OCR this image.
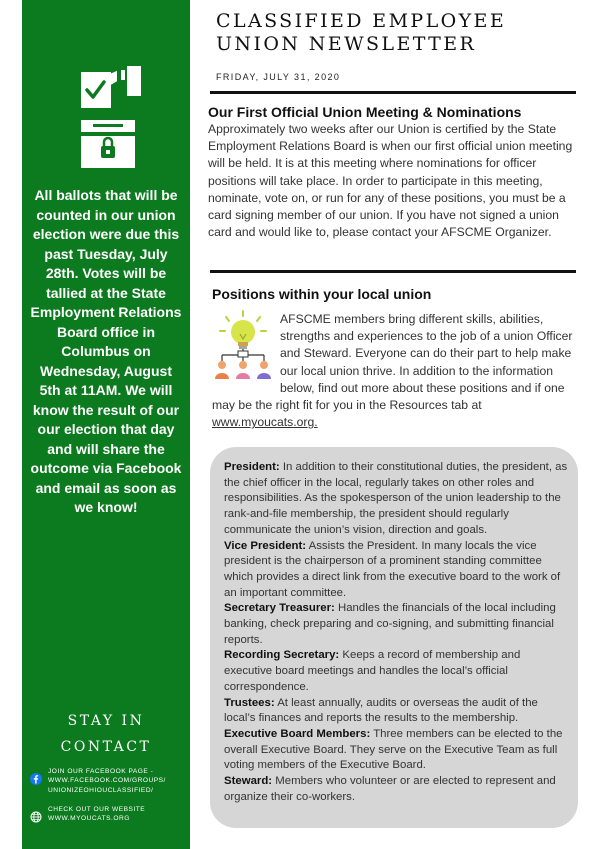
All ballots that will be counted in our union election were due this past Tuesday, July 28th. Votes will be tallied at the State Employment Relations Board office in Columbus on Wednesday, August 5th at 11AM. We will know the result of our our election that day and will share the outcome via Facebook and email as soon as we know!

STAY IN
CONTACT
JOIN OUR FACEBOOK PAGE - WWW.FACEBOOK.COM/GROUPS/ UNIONIZEOHIOUCLASSIFIED/
CHECK OUT OUR WEBSITE WWW.MYOUCATS.ORG
CLASSIFIED EMPLOYEE
UNION NEWSLETTER
FRIDAY, JULY 31, 2020
Our First Official Union Meeting & Nominations

Approximately two weeks after our Union is certified by the State Employment Relations Board is when our first official union meeting will be held. It is at this meeting where nominations for officer positions will take place. In order to participate in this meeting, nominate, vote on, or run for any of these positions, you must be a card signing member of our union. If you have not signed a union card and would like to, please contact your AFSCME Organizer.

Positions within your local union

AFSCME members bring different skills, abilities, strengths and experiences to the job of a union Officer and Steward. Everyone can do their part to help make our local union thrive. In addition to the information below, find out more about these positions and if one may be the right fit for you in the Resources tab at www.myoucats.org.

President: In addition to their constitutional duties, the president, as the chief officer in the local, regularly takes on other roles and responsibilities. As the spokesperson of the union leadership to the rank-and-file membership, the president should regularly communicate the union’s vision, direction and goals.

Vice President: Assists the President. In many locals the vice president is the chairperson of a prominent standing committee which provides a direct link from the executive board to the work of an important committee.

Secretary Treasurer: Handles the financials of the local including banking, check preparing and co-signing, and submitting financial reports.

Recording Secretary: Keeps a record of membership and executive board meetings and handles the local’s official correspondence.

Trustees: At least annually, audits or overseas the audit of the local’s finances and reports the results to the membership.

Executive Board Members: Three members can be elected to the overall Executive Board. They serve on the Executive Team as full voting members of the Executive Board.

Steward: Members who volunteer or are elected to represent and organize their co-workers.
